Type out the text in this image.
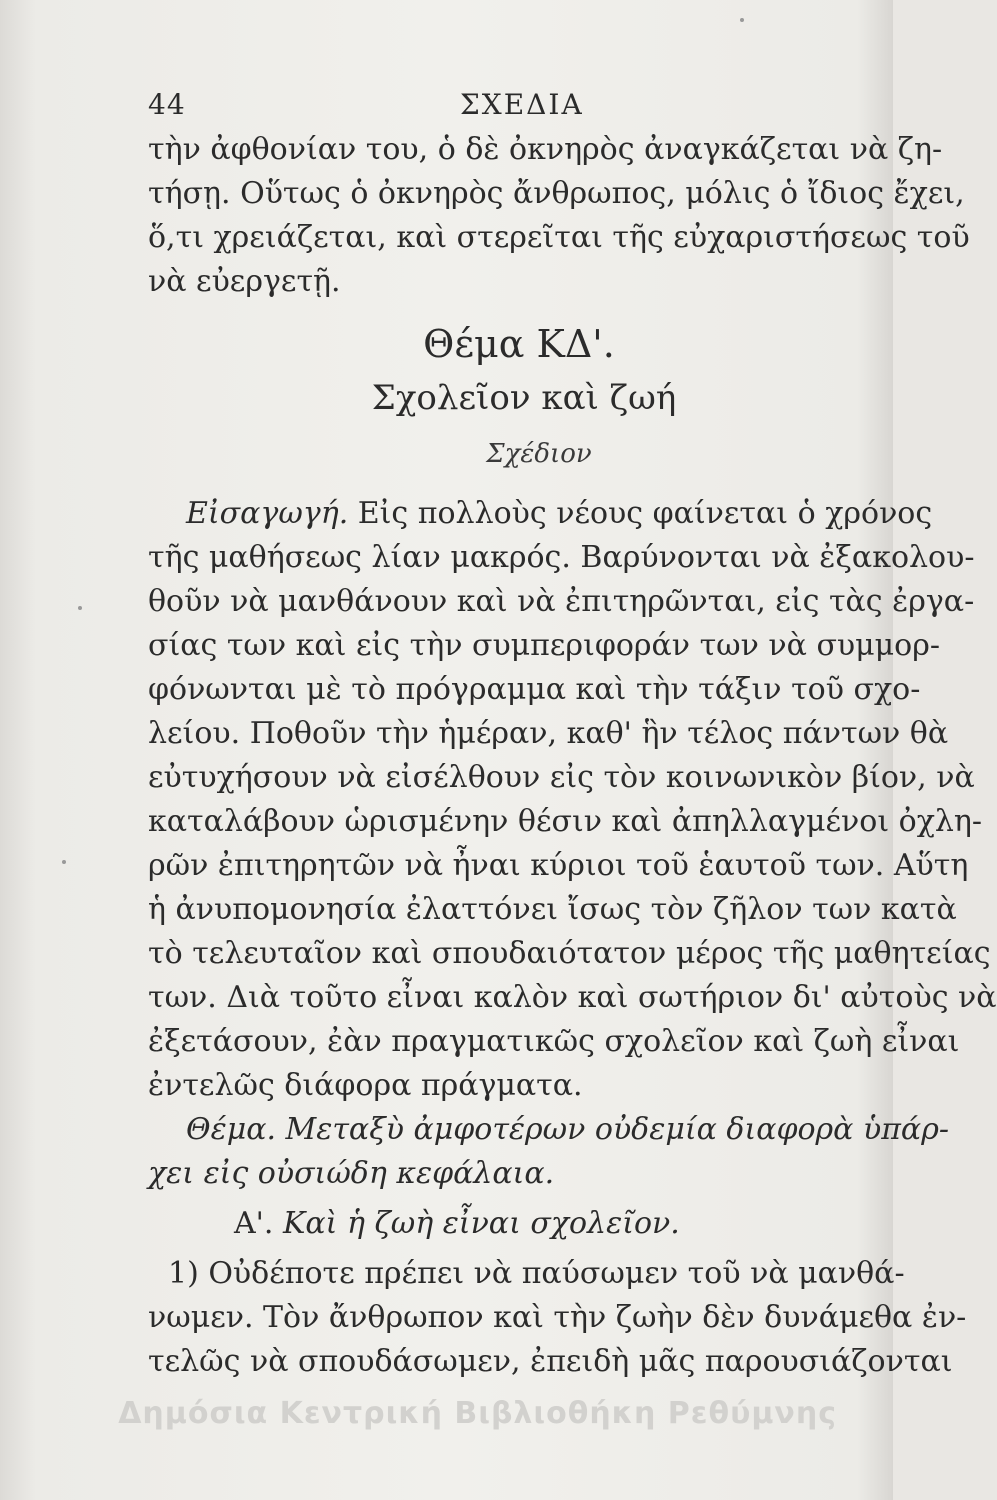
44	ΣΧΕΔΙΑ
τὴν ἀφθονίαν του, ὁ δὲ ὀκνηρὸς ἀναγκάζεται νὰ ζη-
τήσῃ. Οὕτως ὁ ὀκνηρὸς ἄνθρωπος, μόλις ὁ ἴδιος ἔχει,
ὅ,τι χρειάζεται, καὶ στερεῖται τῆς εὐχαριστήσεως τοῦ
νὰ εὐεργετῇ.
Θέμα ΚΔ'.
Σχολεῖον καὶ ζωή
Σχέδιον
Εἰσαγωγή. Εἰς πολλοὺς νέους φαίνεται ὁ χρόνος
τῆς μαθήσεως λίαν μακρός. Βαρύνονται νὰ ἐξακολου-
θοῦν νὰ μανθάνουν καὶ νὰ ἐπιτηρῶνται, εἰς τὰς ἐργα-
σίας των καὶ εἰς τὴν συμπεριφοράν των νὰ συμμορ-
φόνωνται μὲ τὸ πρόγραμμα καὶ τὴν τάξιν τοῦ σχο-
λείου. Ποθοῦν τὴν ἡμέραν, καθ' ἣν τέλος πάντων θὰ
εὐτυχήσουν νὰ εἰσέλθουν εἰς τὸν κοινωνικὸν βίον, νὰ
καταλάβουν ὡρισμένην θέσιν καὶ ἀπηλλαγμένοι ὀχλη-
ρῶν ἐπιτηρητῶν νὰ ἦναι κύριοι τοῦ ἑαυτοῦ των. Αὕτη
ἡ ἀνυπομονησία ἐλαττόνει ἴσως τὸν ζῆλον των κατὰ
τὸ τελευταῖον καὶ σπουδαιότατον μέρος τῆς μαθητείας
των. Διὰ τοῦτο εἶναι καλὸν καὶ σωτήριον δι' αὐτοὺς νὰ
ἐξετάσουν, ἐὰν πραγματικῶς σχολεῖον καὶ ζωὴ εἶναι
ἐντελῶς διάφορα πράγματα.
Θέμα. Μεταξὺ ἀμφοτέρων οὐδεμία διαφορὰ ὑπάρ-
χει εἰς οὐσιώδη κεφάλαια.
Α'. Καὶ ἡ ζωὴ εἶναι σχολεῖον.
1) Οὐδέποτε πρέπει νὰ παύσωμεν τοῦ νὰ μανθά-
νωμεν. Τὸν ἄνθρωπον καὶ τὴν ζωὴν δὲν δυνάμεθα ἐν-
τελῶς νὰ σπουδάσωμεν, ἐπειδὴ μᾶς παρουσιάζονται
Δημόσια Κεντρική Βιβλιοθήκη Ρεθύμνης
